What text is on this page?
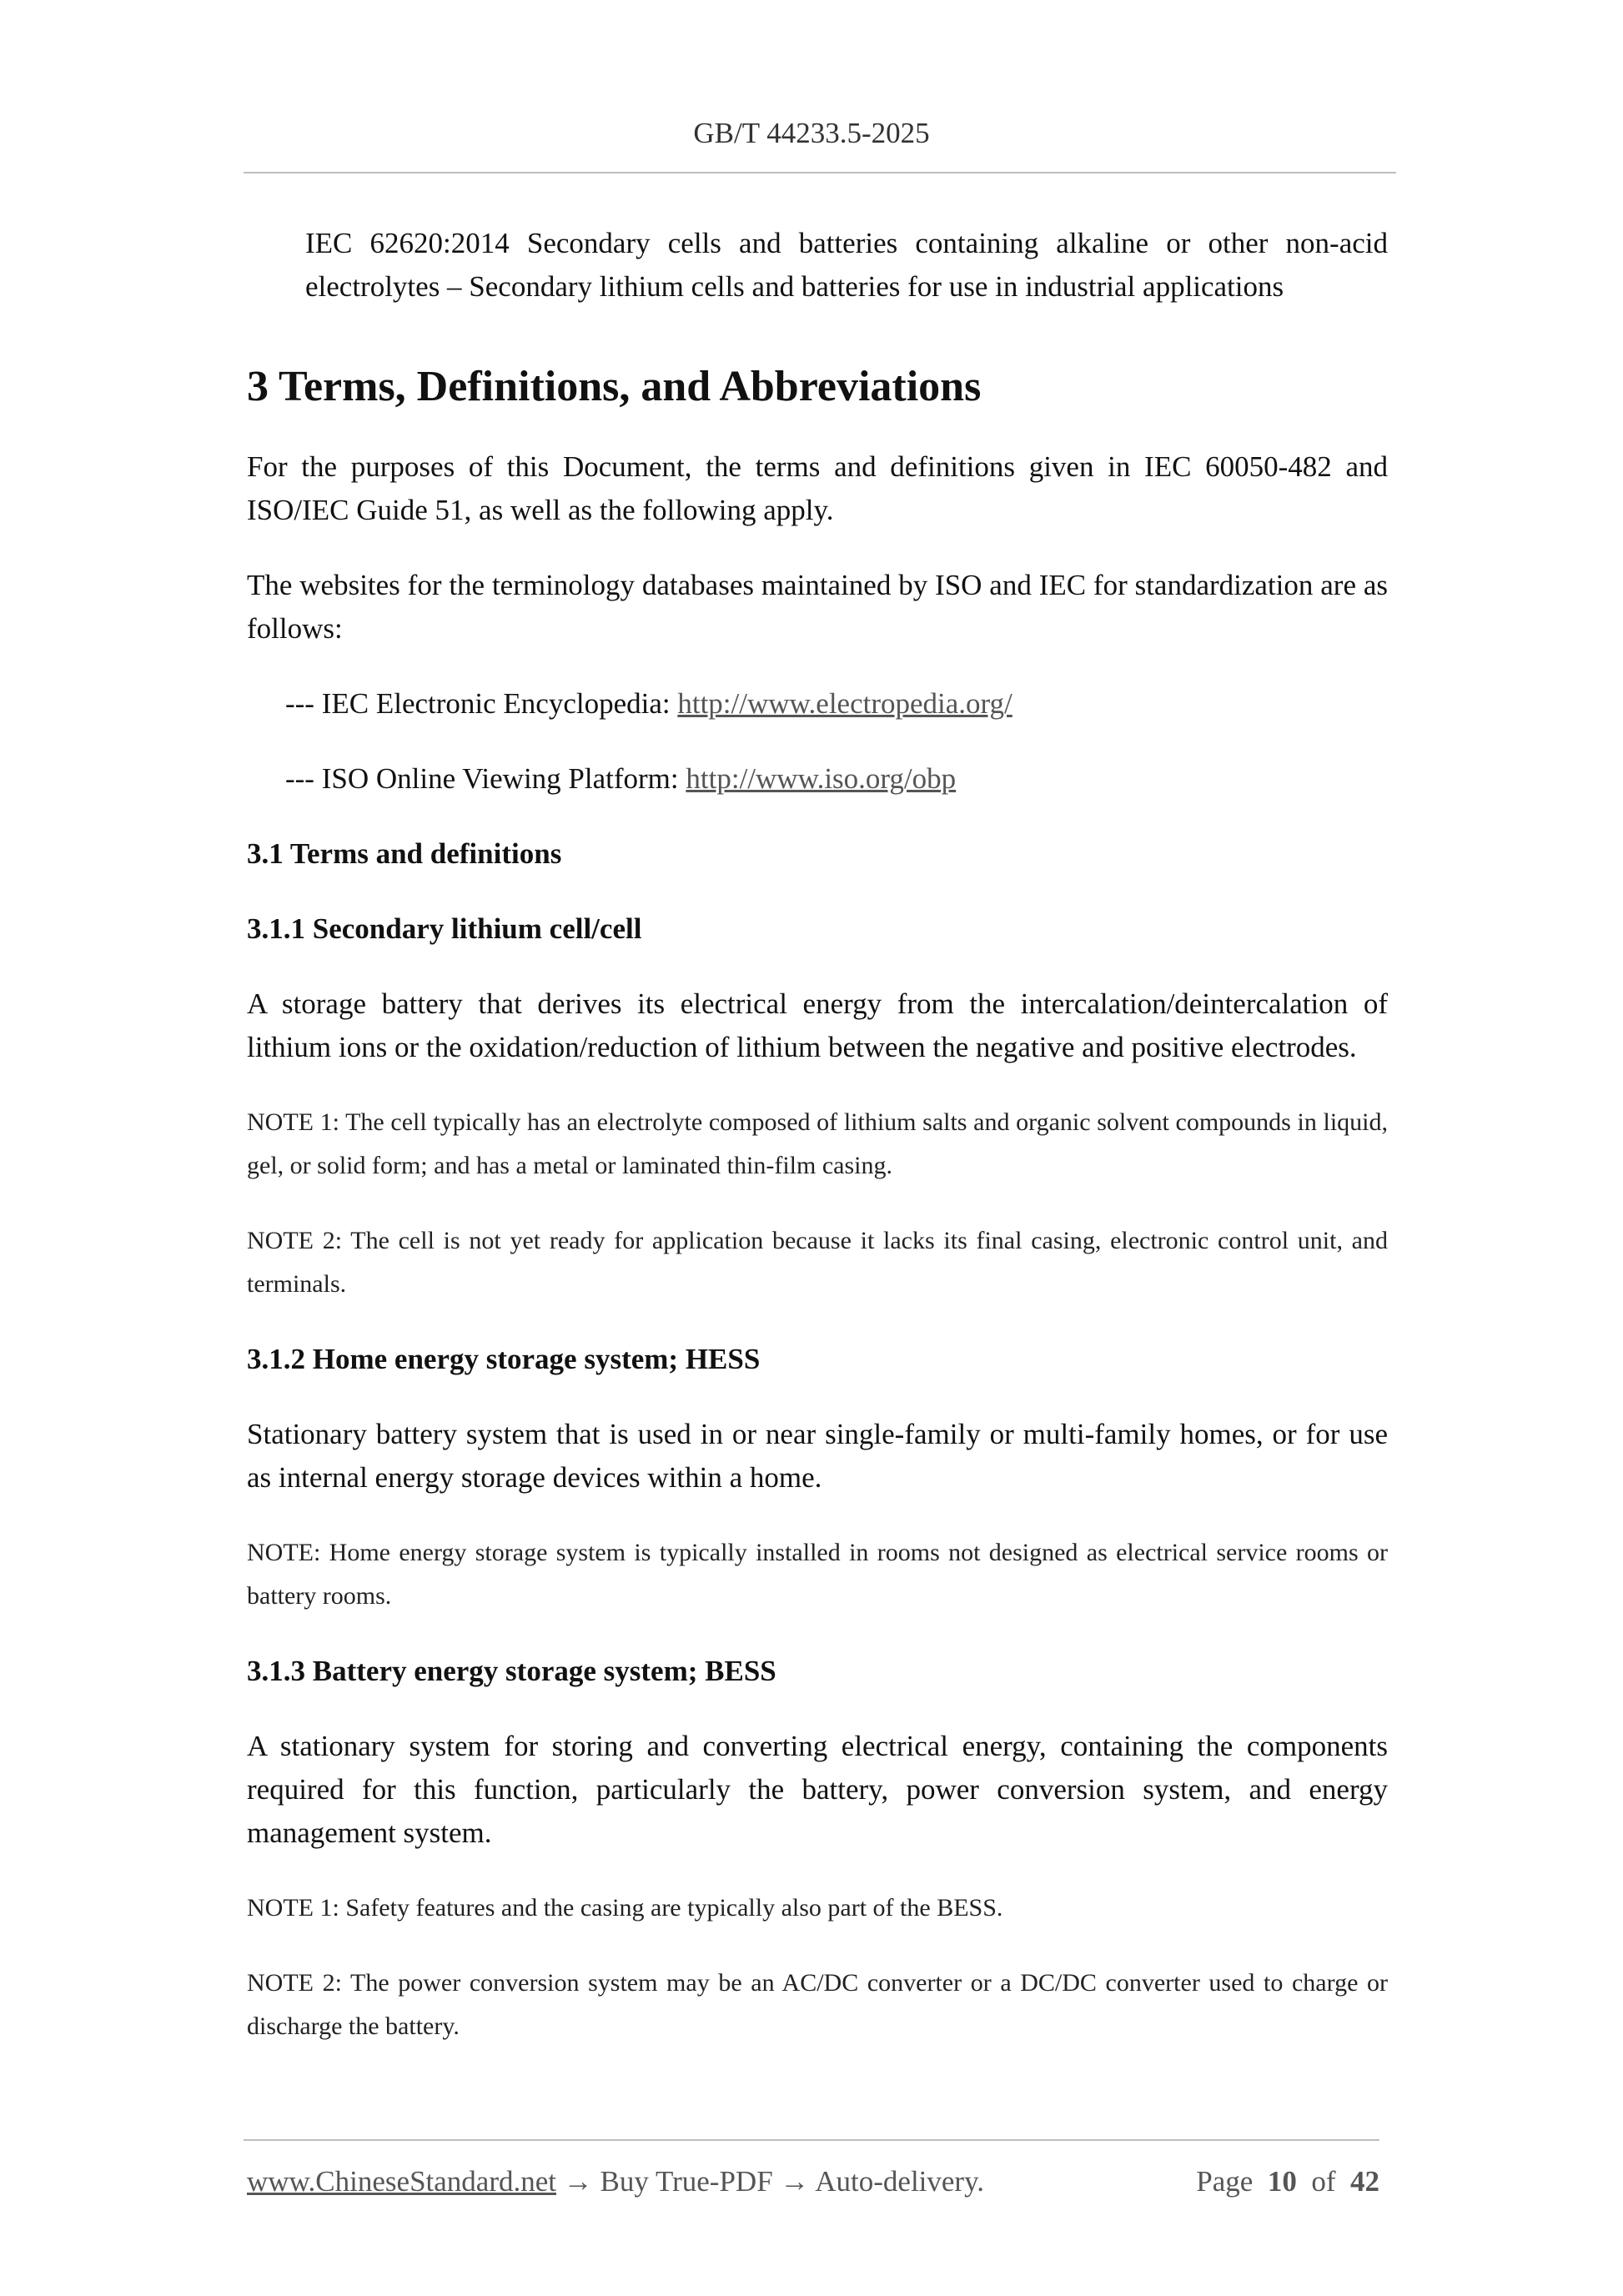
GB/T 44233.5-2025

IEC 62620:2014 Secondary cells and batteries containing alkaline or other non-acid electrolytes – Secondary lithium cells and batteries for use in industrial applications

3 Terms, Definitions, and Abbreviations

For the purposes of this Document, the terms and definitions given in IEC 60050-482 and ISO/IEC Guide 51, as well as the following apply.

The websites for the terminology databases maintained by ISO and IEC for standardization are as follows:

--- IEC Electronic Encyclopedia: http://www.electropedia.org/

--- ISO Online Viewing Platform: http://www.iso.org/obp

3.1 Terms and definitions
3.1.1 Secondary lithium cell/cell

A storage battery that derives its electrical energy from the intercalation/deintercalation of lithium ions or the oxidation/reduction of lithium between the negative and positive electrodes.

NOTE 1: The cell typically has an electrolyte composed of lithium salts and organic solvent compounds in liquid, gel, or solid form; and has a metal or laminated thin-film casing.

NOTE 2: The cell is not yet ready for application because it lacks its final casing, electronic control unit, and terminals.

3.1.2 Home energy storage system; HESS

Stationary battery system that is used in or near single-family or multi-family homes, or for use as internal energy storage devices within a home.

NOTE: Home energy storage system is typically installed in rooms not designed as electrical service rooms or battery rooms.

3.1.3 Battery energy storage system; BESS

A stationary system for storing and converting electrical energy, containing the components required for this function, particularly the battery, power conversion system, and energy management system.

NOTE 1: Safety features and the casing are typically also part of the BESS.

NOTE 2: The power conversion system may be an AC/DC converter or a DC/DC converter used to charge or discharge the battery.

www.ChineseStandard.net → Buy True-PDF → Auto-delivery.	Page 10 of 42
